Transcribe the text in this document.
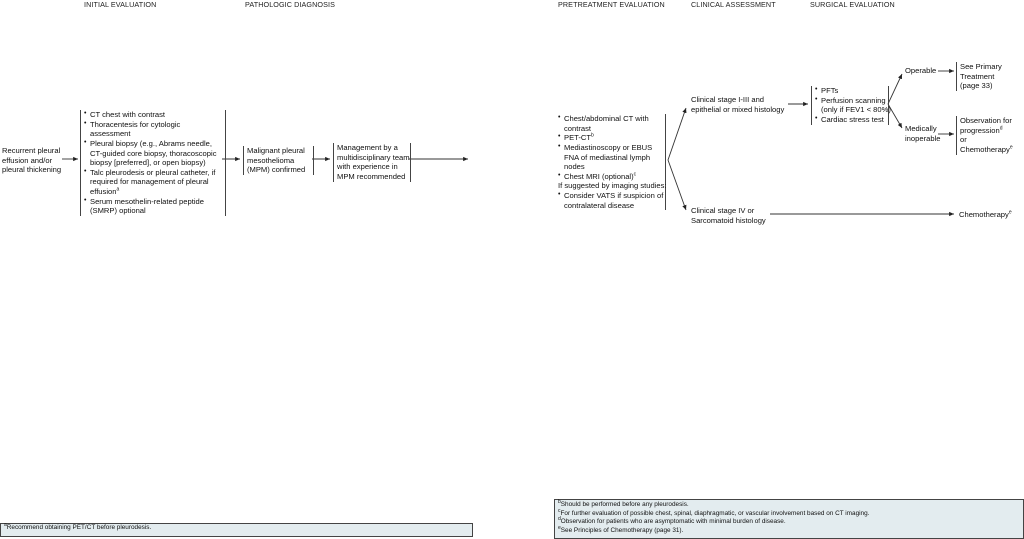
INITIAL EVALUATION	PATHOLOGIC DIAGNOSIS	PRETREATMENT EVALUATION	CLINICAL ASSESSMENT	SURGICAL EVALUATION
Recurrent pleural
effusion and/or
pleural thickening
• CT chest with contrast
• Thoracentesis for cytologic
assessment
• Pleural biopsy (e.g., Abrams needle,
CT-guided core biopsy, thoracoscopic
biopsy [preferred], or open biopsy)
• Talc pleurodesis or pleural catheter, if
required for management of pleural
effusion$^a$
• Serum mesothelin-related peptide
(SMRP) optional
Malignant pleural
mesothelioma
(MPM) confirmed
Management by a
multidisciplinary team
with experience in
MPM recommended
• Chest/abdominal CT with
contrast
• PET-$CT^b$
• Mediastinoscopy or EBUS
FNA of mediastinal lymph
nodes
• Chest MRI (optional)$^c$
If suggested by imaging studies:
• Consider VATS if suspicion of
contralateral disease
Clinical stage I-III and
epithelial or mixed histology
Clinical stage IV or
Sarcomatoid histology
• PFTs
• Perfusion scanning
(only if FEV1 < 80%)
• Cardiac stress test
Operable
Medically
inoperable
See Primary
Treatment
(page 33)
Observation for
progression$^d$
or
Chemotherapy$^e$
Chemotherapy$^e$
$^a$Recommend obtaining PET/CT before pleurodesis.
$^b$Should be performed before any pleurodesis.
$^c$For further evaluation of possible chest, spinal, diaphragmatic, or vascular involvement based on CT imaging.
$^d$Observation for patients who are asymptomatic with minimal burden of disease.
$^e$See Principles of Chemotherapy (page 31).
